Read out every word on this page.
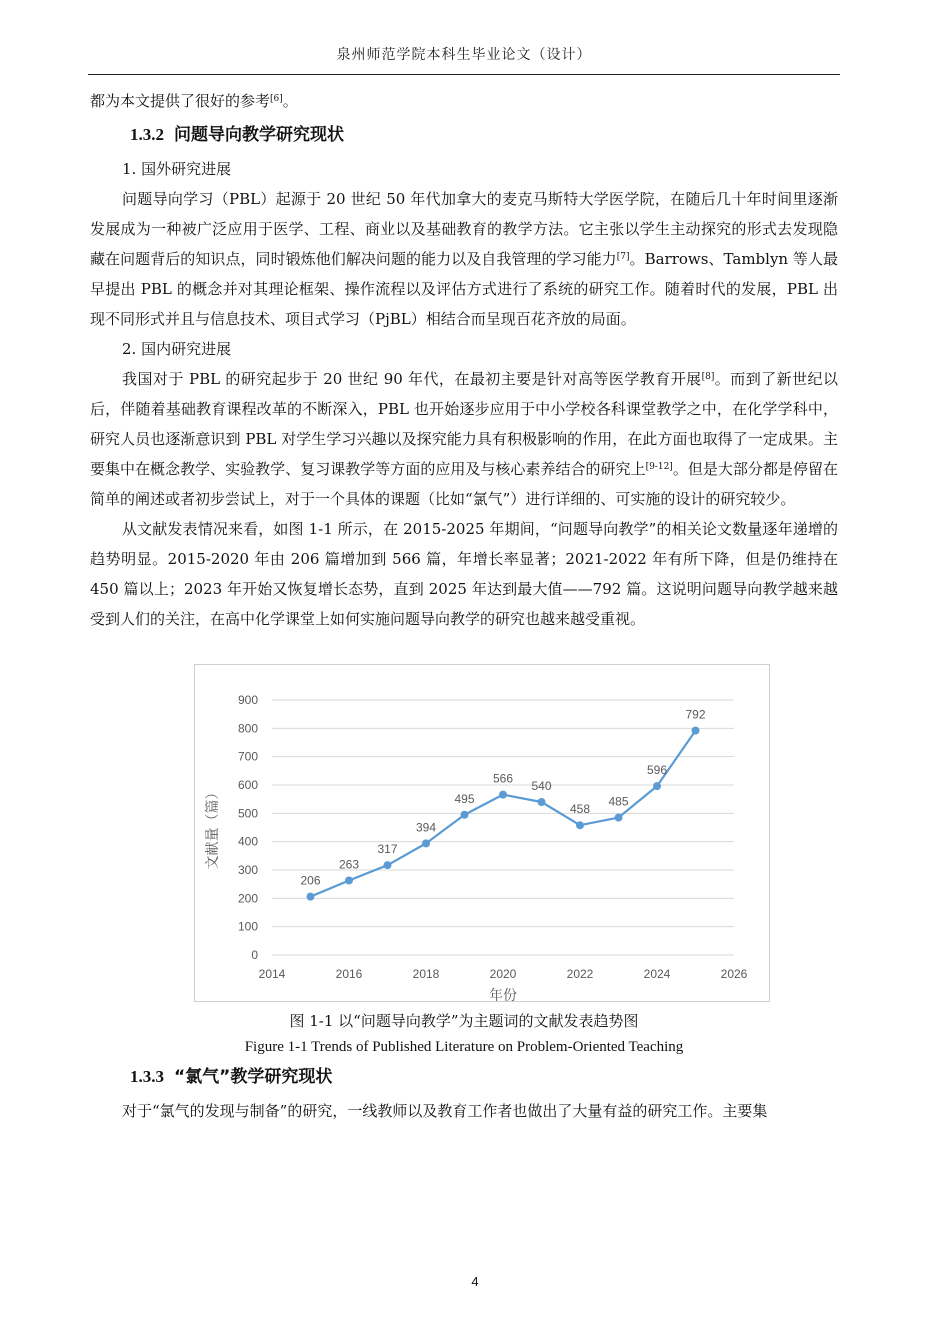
泉州师范学院本科生毕业论文（设计）

都为本文提供了很好的参考[6]。

1.3.2 问题导向教学研究现状

1. 国外研究进展

问题导向学习（PBL）起源于 20 世纪 50 年代加拿大的麦克马斯特大学医学院，在随后几十年时间里逐渐发展成为一种被广泛应用于医学、工程、商业以及基础教育的教学方法。它主张以学生主动探究的形式去发现隐藏在问题背后的知识点，同时锻炼他们解决问题的能力以及自我管理的学习能力[7]。Barrows、Tamblyn 等人最早提出 PBL 的概念并对其理论框架、操作流程以及评估方式进行了系统的研究工作。随着时代的发展，PBL 出现不同形式并且与信息技术、项目式学习（PjBL）相结合而呈现百花齐放的局面。

2. 国内研究进展

我国对于 PBL 的研究起步于 20 世纪 90 年代，在最初主要是针对高等医学教育开展[8]。而到了新世纪以后，伴随着基础教育课程改革的不断深入，PBL 也开始逐步应用于中小学校各科课堂教学之中，在化学学科中，研究人员也逐渐意识到 PBL 对学生学习兴趣以及探究能力具有积极影响的作用，在此方面也取得了一定成果。主要集中在概念教学、实验教学、复习课教学等方面的应用及与核心素养结合的研究上[9-12]。但是大部分都是停留在简单的阐述或者初步尝试上，对于一个具体的课题（比如“氯气”）进行详细的、可实施的设计的研究较少。

从文献发表情况来看，如图 1-1 所示，在 2015-2025 年期间，“问题导向教学”的相关论文数量逐年递增的趋势明显。2015-2020 年由 206 篇增加到 566 篇，年增长率显著；2021-2022 年有所下降，但是仍维持在 450 篇以上；2023 年开始又恢复增长态势，直到 2025 年达到最大值——792 篇。这说明问题导向教学越来越受到人们的关注，在高中化学课堂上如何实施问题导向教学的研究也越来越受重视。

0
100
200
300
400
500
600
700
800
900
2014	2016	2018	2020	2022	2024	2026
年份
文献量（篇）
206
263
317
394
495
566
540
458
485
596
792
图 1-1 以“问题导向教学”为主题词的文献发表趋势图
Figure 1-1 Trends of Published Literature on Problem-Oriented Teaching
1.3.3 “氯气”教学研究现状

对于“氯气的发现与制备”的研究，一线教师以及教育工作者也做出了大量有益的研究工作。主要集

4
